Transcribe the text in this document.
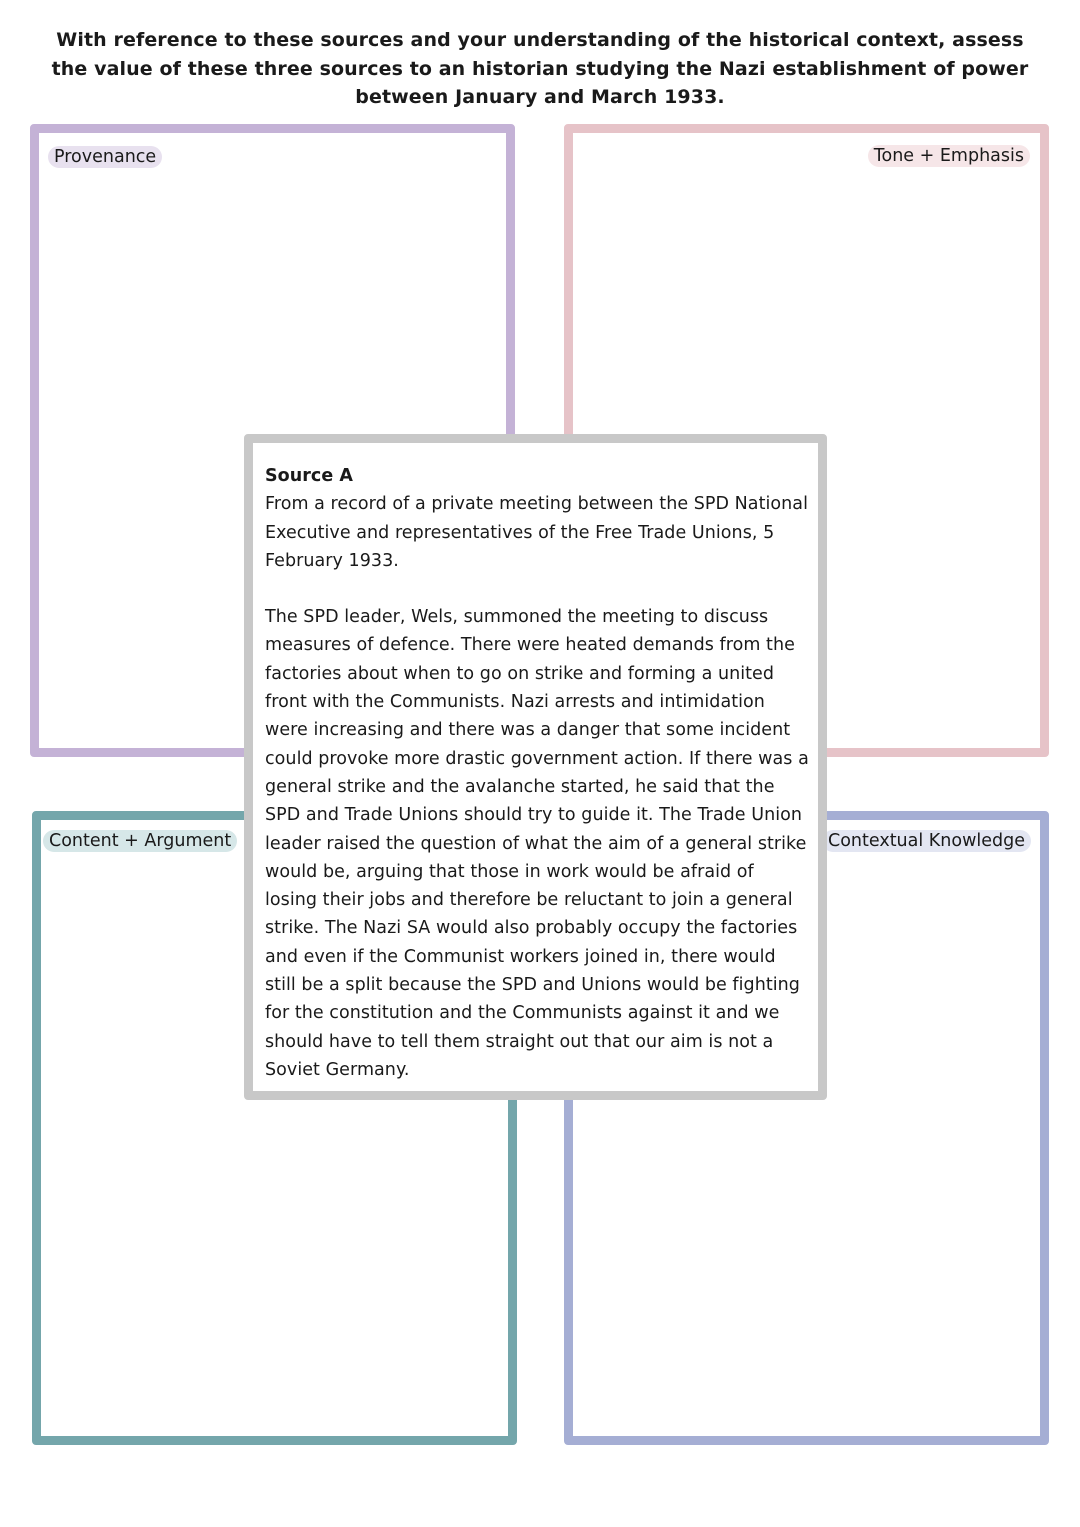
With reference to these sources and your understanding of the historical context, assess the value of these three sources to an historian studying the Nazi establishment of power between January and March 1933.
Provenance	Tone + Emphasis
Content + Argument	Contextual Knowledge
Source A
From a record of a private meeting between the SPD National Executive and representatives of the Free Trade Unions, 5 February 1933.
The SPD leader, Wels, summoned the meeting to discuss measures of defence. There were heated demands from the factories about when to go on strike and forming a united front with the Communists. Nazi arrests and intimidation were increasing and there was a danger that some incident could provoke more drastic government action. If there was a general strike and the avalanche started, he said that the SPD and Trade Unions should try to guide it. The Trade Union leader raised the question of what the aim of a general strike would be, arguing that those in work would be afraid of losing their jobs and therefore be reluctant to join a general strike. The Nazi SA would also probably occupy the factories and even if the Communist workers joined in, there would still be a split because the SPD and Unions would be fighting for the constitution and the Communists against it and we should have to tell them straight out that our aim is not a Soviet Germany.
